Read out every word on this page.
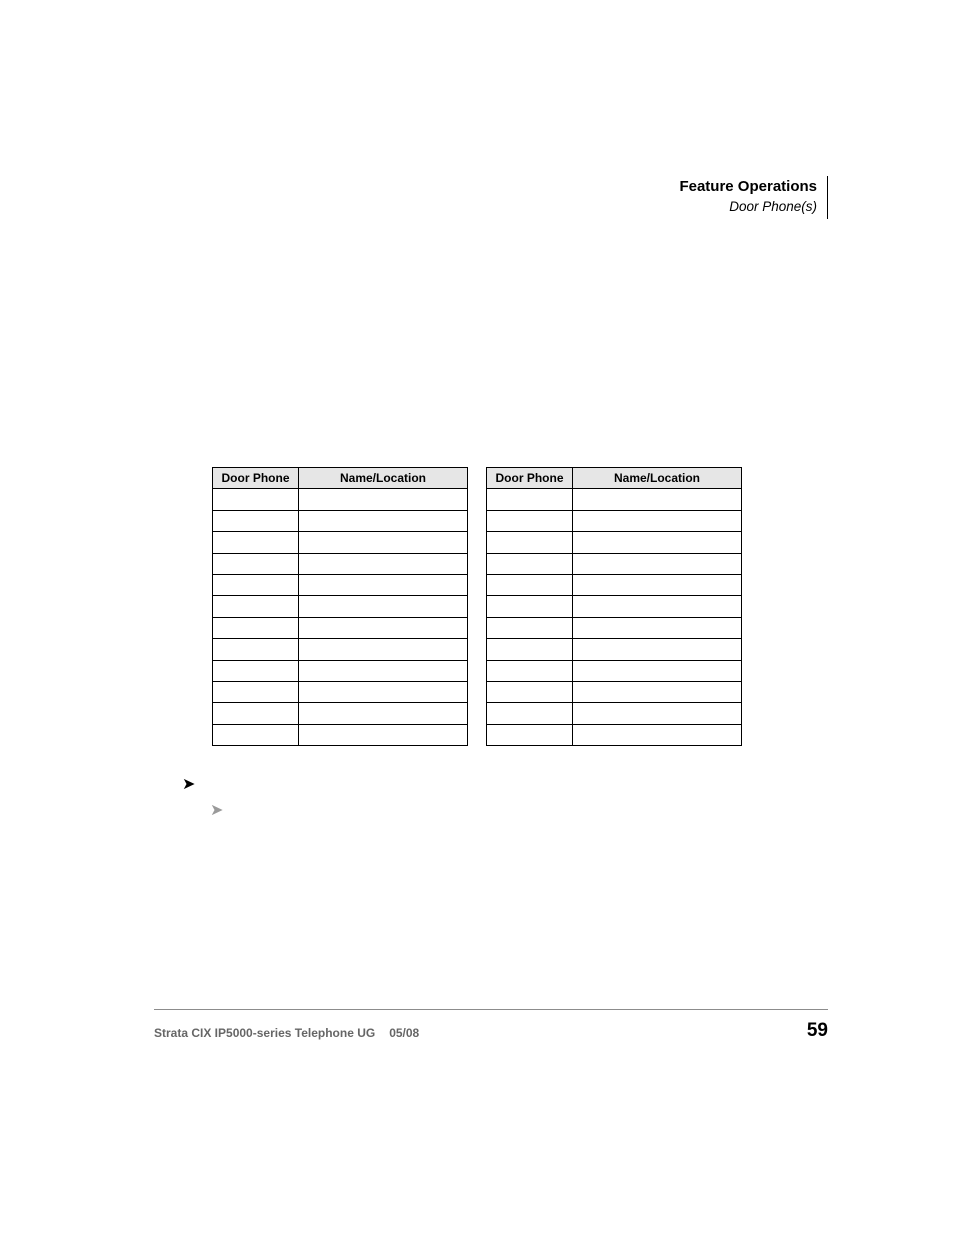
Feature Operations
Door Phone(s)
Door Phone	Name/Location

		Door Phone	Name/Location

➤
➤
Strata CIX IP5000-series Telephone UG 05/08	59
